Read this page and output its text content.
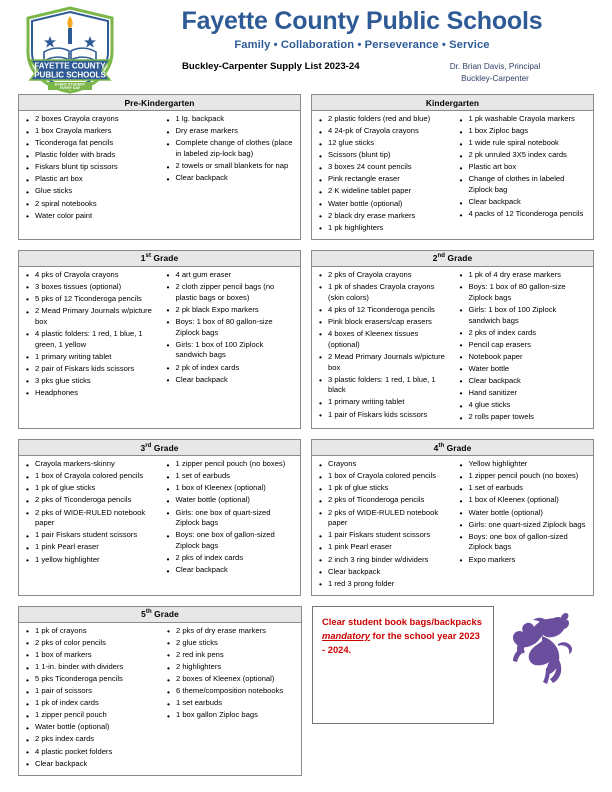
FAYETTE COUNTY
PUBLIC SCHOOLS
EVERY STUDENT
EVERY DAY
Fayette County Public Schools
Family • Collaboration • Perseverance • Service
Buckley-Carpenter Supply List 2023-24	Dr. Brian Davis, Principal
Buckley-Carpenter
Pre-Kindergarten
• 2 boxes Crayola crayons
• 1 box Crayola markers
• Ticonderoga fat pencils
• Plastic folder with brads
• Fiskars blunt tip scissors
• Plastic art box
• Glue sticks
• 2 spiral notebooks
• Water color paint
• 1 lg. backpack
• Dry erase markers
• Complete change of clothes (place in labeled zip-lock bag)
• 2 towels or small blankets for nap
• Clear backpack
Kindergarten
• 2 plastic folders (red and blue)
• 4 24-pk of Crayola crayons
• 12 glue sticks
• Scissors (blunt tip)
• 3 boxes 24 count pencils
• Pink rectangle eraser
• 2 K wideline tablet paper
• Water bottle (optional)
• 2 black dry erase markers
• 1 pk highlighters
• 1 pk washable Crayola markers
• 1 box Ziploc bags
• 1 wide rule spiral notebook
• 2 pk unruled 3X5 index cards
• Plastic art box
• Change of clothes in labeled Ziplock bag
• Clear backpack
• 4 packs of 12 Ticonderoga pencils
1st Grade
• 4 pks of Crayola crayons
• 3 boxes tissues (optional)
• 5 pks of 12 Ticonderoga pencils
• 2 Mead Primary Journals w/picture box
• 4 plastic folders: 1 red, 1 blue, 1 green, 1 yellow
• 1 primary writing tablet
• 2 pair of Fiskars kids scissors
• 3 pks glue sticks
• Headphones
• 4 art gum eraser
• 2 cloth zipper pencil bags (no plastic bags or boxes)
• 2 pk black Expo markers
• Boys: 1 box of 80 gallon-size Ziplock bags
• Girls: 1 box of 100 Ziplock sandwich bags
• 2 pk of index cards
• Clear backpack
2nd Grade
• 2 pks of Crayola crayons
• 1 pk of shades Crayola crayons (skin colors)
• 4 pks of 12 Ticonderoga pencils
• Pink block erasers/cap erasers
• 4 boxes of Kleenex tissues (optional)
• 2 Mead Primary Journals w/picture box
• 3 plastic folders: 1 red, 1 blue, 1 black
• 1 primary writing tablet
• 1 pair of Fiskars kids scissors
• 1 pk of 4 dry erase markers
• Boys: 1 box of 80 gallon-size Ziplock bags
• Girls: 1 box of 100 Ziplock sandwich bags
• 2 pks of index cards
• Pencil cap erasers
• Notebook paper
• Water bottle
• Clear backpack
• Hand sanitizer
• 4 glue sticks
• 2 rolls paper towels
3rd Grade
• Crayola markers-skinny
• 1 box of Crayola colored pencils
• 1 pk of glue sticks
• 2 pks of Ticonderoga pencils
• 2 pks of WIDE-RULED notebook paper
• 1 pair Fiskars student scissors
• 1 pink Pearl eraser
• 1 yellow highlighter
• 1 zipper pencil pouch (no boxes)
• 1 set of earbuds
• 1 box of Kleenex (optional)
• Water bottle (optional)
• Girls: one box of quart-sized Ziplock bags
• Boys: one box of gallon-sized Ziplock bags
• 2 pks of index cards
• Clear backpack
4th Grade
• Crayons
• 1 box of Crayola colored pencils
• 1 pk of glue sticks
• 2 pks of Ticonderoga pencils
• 2 pks of WIDE-RULED notebook paper
• 1 pair Fiskars student scissors
• 1 pink Pearl eraser
• 2 inch 3 ring binder w/dividers
• Clear backpack
• 1 red 3 prong folder
• Yellow highlighter
• 1 zipper pencil pouch (no boxes)
• 1 set of earbuds
• 1 box of Kleenex (optional)
• Water bottle (optional)
• Girls: one quart-sized Ziplock bags
• Boys: one box of gallon-sized Ziplock bags
• Expo markers
5th Grade
• 1 pk of crayons
• 2 pks of color pencils
• 1 box of markers
• 1 1-in. binder with dividers
• 5 pks Ticonderoga pencils
• 1 pair of scissors
• 1 pk of index cards
• 1 zipper pencil pouch
• Water bottle (optional)
• 2 pks index cards
• 4 plastic pocket folders
• Clear backpack
• 2 pks of dry erase markers
• 2 glue sticks
• 2 red ink pens
• 2 highlighters
• 2 boxes of Kleenex (optional)
• 6 theme/composition notebooks
• 1 set earbuds
• 1 box gallon Ziploc bags
Clear student book bags/backpacks mandatory for the school year 2023 - 2024.
